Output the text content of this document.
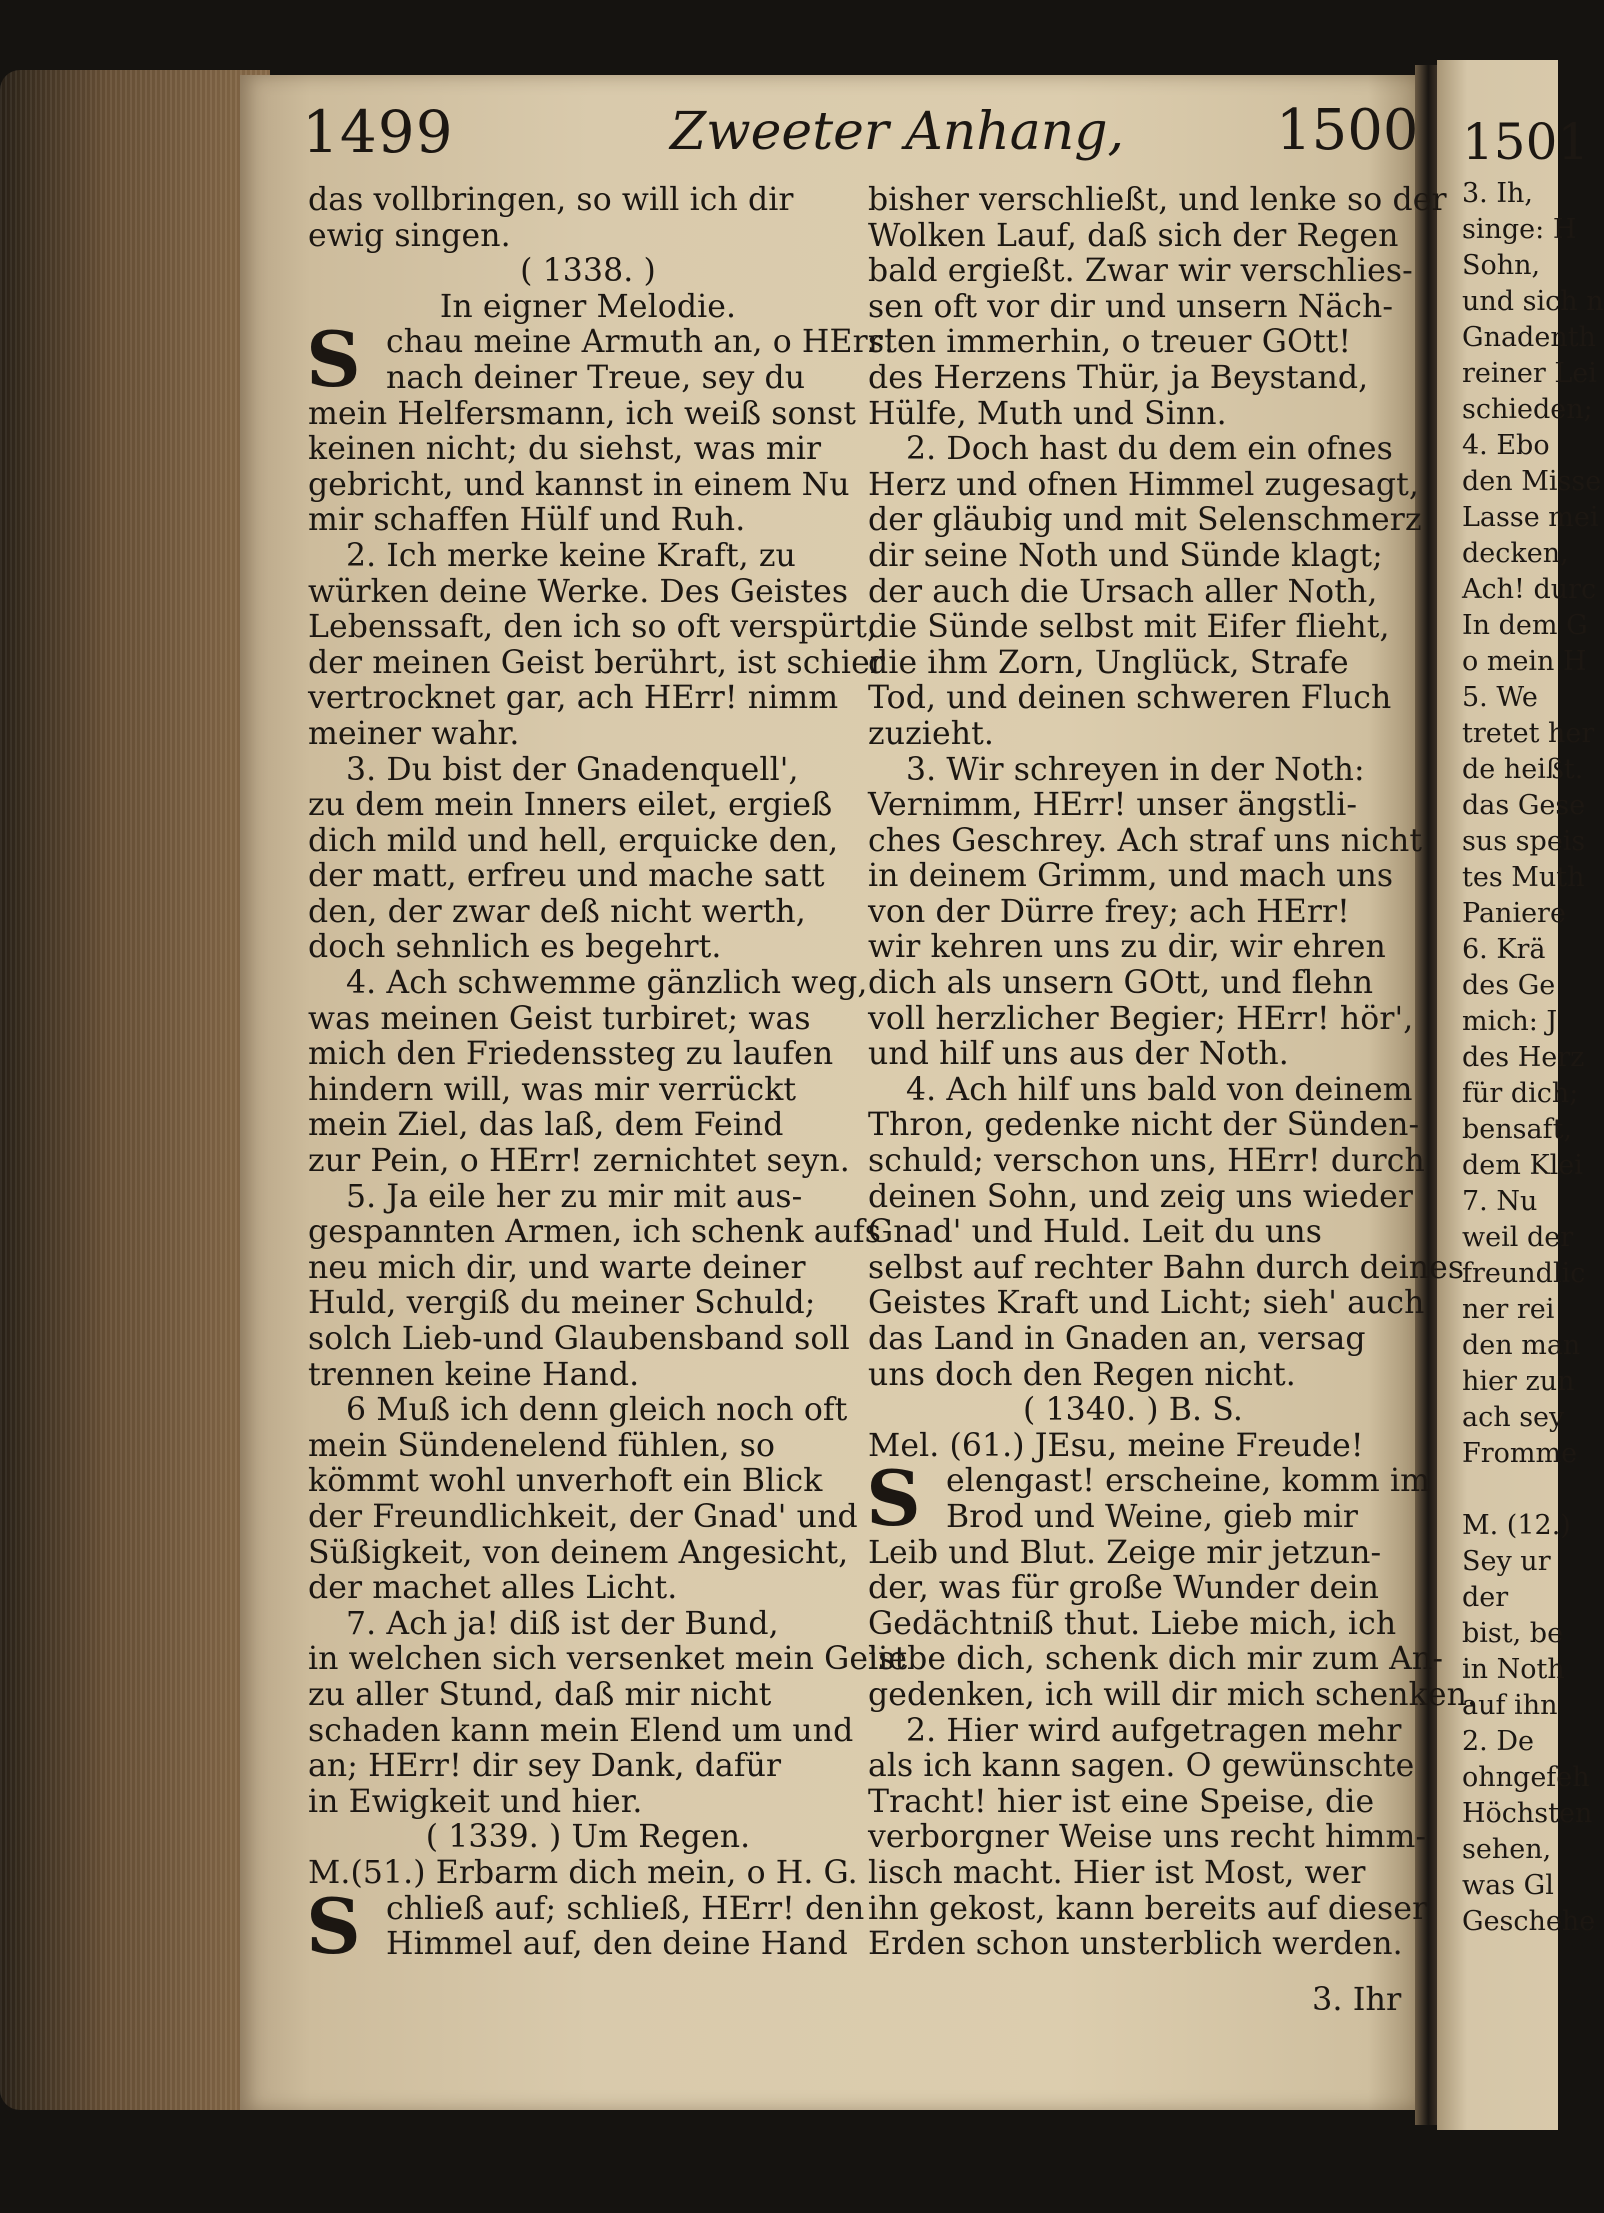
1499	Zweeter Anhang,	1500

das vollbringen, so will ich dir

ewig singen.

( 1338. )

In eigner Melodie.

S chau meine Armuth an, o HErr!

nach deiner Treue, sey du

mein Helfersmann, ich weiß sonst

keinen nicht; du siehst, was mir

gebricht, und kannst in einem Nu

mir schaffen Hülf und Ruh.

2. Ich merke keine Kraft, zu

würken deine Werke. Des Geistes

Lebenssaft, den ich so oft verspürt,

der meinen Geist berührt, ist schier

vertrocknet gar, ach HErr! nimm

meiner wahr.

3. Du bist der Gnadenquell',

zu dem mein Inners eilet, ergieß

dich mild und hell, erquicke den,

der matt, erfreu und mache satt

den, der zwar deß nicht werth,

doch sehnlich es begehrt.

4. Ach schwemme gänzlich weg,

was meinen Geist turbiret; was

mich den Friedenssteg zu laufen

hindern will, was mir verrückt

mein Ziel, das laß, dem Feind

zur Pein, o HErr! zernichtet seyn.

5. Ja eile her zu mir mit aus-

gespannten Armen, ich schenk aufs

neu mich dir, und warte deiner

Huld, vergiß du meiner Schuld;

solch Lieb-und Glaubensband soll

trennen keine Hand.

6 Muß ich denn gleich noch oft

mein Sündenelend fühlen, so

kömmt wohl unverhoft ein Blick

der Freundlichkeit, der Gnad' und

Süßigkeit, von deinem Angesicht,

der machet alles Licht.

7. Ach ja! diß ist der Bund,

in welchen sich versenket mein Geist

zu aller Stund, daß mir nicht

schaden kann mein Elend um und

an; HErr! dir sey Dank, dafür

in Ewigkeit und hier.

( 1339. ) Um Regen.

M.(51.) Erbarm dich mein, o H. G.

S chließ auf; schließ, HErr! den

Himmel auf, den deine Hand

bisher verschließt, und lenke so der

Wolken Lauf, daß sich der Regen

bald ergießt. Zwar wir verschlies-

sen oft vor dir und unsern Näch-

sten immerhin, o treuer GOtt!

des Herzens Thür, ja Beystand,

Hülfe, Muth und Sinn.

2. Doch hast du dem ein ofnes

Herz und ofnen Himmel zugesagt,

der gläubig und mit Selenschmerz

dir seine Noth und Sünde klagt;

der auch die Ursach aller Noth,

die Sünde selbst mit Eifer flieht,

die ihm Zorn, Unglück, Strafe

Tod, und deinen schweren Fluch

zuzieht.

3. Wir schreyen in der Noth:

Vernimm, HErr! unser ängstli-

ches Geschrey. Ach straf uns nicht

in deinem Grimm, und mach uns

von der Dürre frey; ach HErr!

wir kehren uns zu dir, wir ehren

dich als unsern GOtt, und flehn

voll herzlicher Begier; HErr! hör',

und hilf uns aus der Noth.

4. Ach hilf uns bald von deinem

Thron, gedenke nicht der Sünden-

schuld; verschon uns, HErr! durch

deinen Sohn, und zeig uns wieder

Gnad' und Huld. Leit du uns

selbst auf rechter Bahn durch deines

Geistes Kraft und Licht; sieh' auch

das Land in Gnaden an, versag

uns doch den Regen nicht.

( 1340. ) B. S.

Mel. (61.) JEsu, meine Freude!

S elengast! erscheine, komm im

Brod und Weine, gieb mir

Leib und Blut. Zeige mir jetzun-

der, was für große Wunder dein

Gedächtniß thut. Liebe mich, ich

liebe dich, schenk dich mir zum An-

gedenken, ich will dir mich schenken.

2. Hier wird aufgetragen mehr

als ich kann sagen. O gewünschte

Tracht! hier ist eine Speise, die

verborgner Weise uns recht himm-

lisch macht. Hier ist Most, wer

ihn gekost, kann bereits auf dieser

Erden schon unsterblich werden.

3. Ihr
1501
3. Ih,
singe: H
Sohn,
und sich n
Gnadenth
reiner Lei
schieden;
4. Ebo
den Misse
Lasse mei
decken,
Ach! durc
In dem G
o mein H
5. We
tretet her
de heißt.
das Gese
sus speis
tes Muth
Paniere
6. Krä
des Ge
mich: J
des Herz
für dich;
bensaft,
dem Klei
7. Nu
weil der
freundlic
ner rei
den man
hier zun
ach sey
Fromme

M. (12.)
Sey ur
der
bist, be
in Noth
auf ihn
2. De
ohngefeh
Höchsten
sehen,
was Gl
Geschehe
